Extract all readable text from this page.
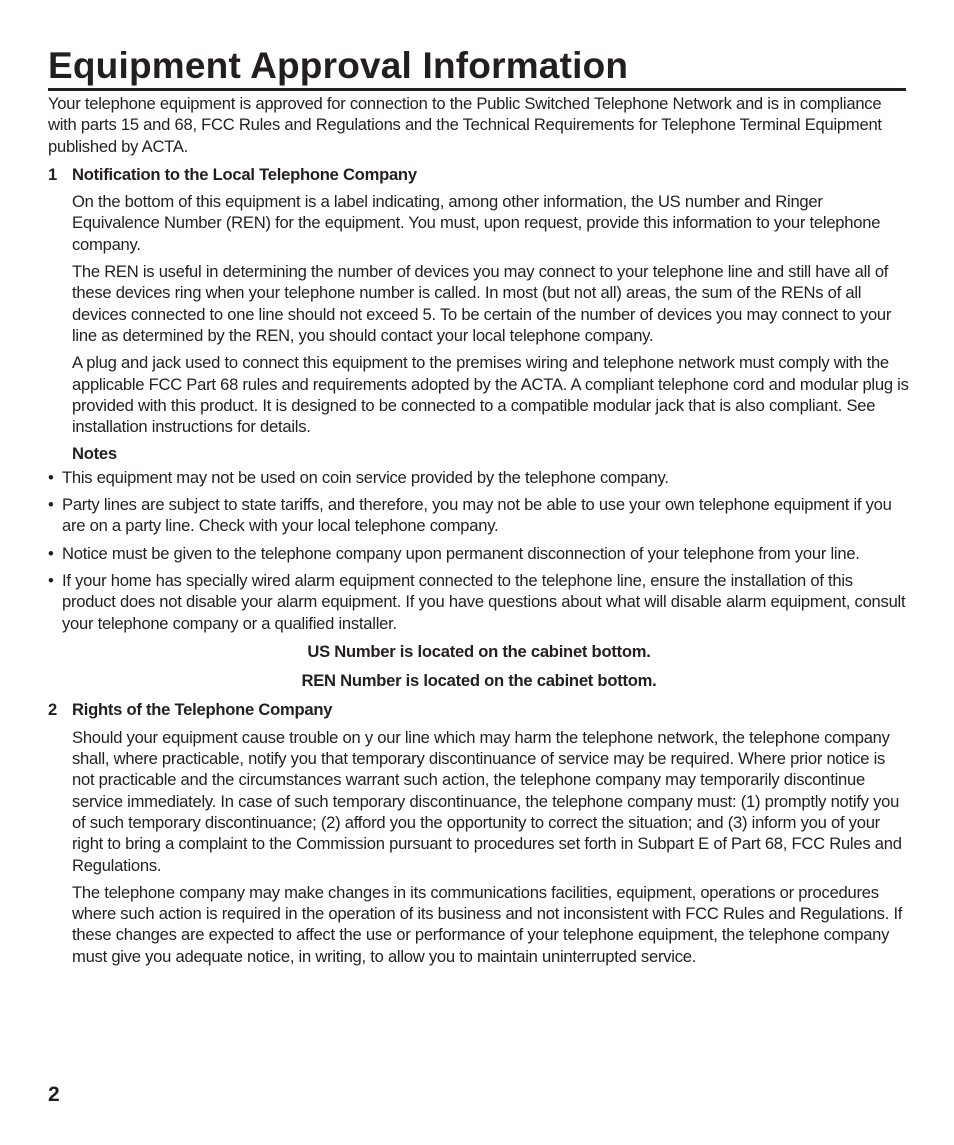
Equipment Approval Information

Your telephone equipment is approved for connection to the Public Switched Telephone Network and is in compliance with parts 15 and 68, FCC Rules and Regulations and the Technical Requirements for Telephone Terminal Equipment published by ACTA.

1 Notification to the Local Telephone Company

On the bottom of this equipment is a label indicating, among other information, the US number and Ringer Equivalence Number (REN) for the equipment. You must, upon request, provide this information to your telephone company.

The REN is useful in determining the number of devices you may connect to your telephone line and still have all of these devices ring when your telephone number is called. In most (but not all) areas, the sum of the RENs of all devices connected to one line should not exceed 5. To be certain of the number of devices you may connect to your line as determined by the REN, you should contact your local telephone company.

A plug and jack used to connect this equipment to the premises wiring and telephone network must comply with the applicable FCC Part 68 rules and requirements adopted by the ACTA. A compliant telephone cord and modular plug is provided with this product. It is designed to be connected to a compatible modular jack that is also compliant. See installation instructions for details.

Notes
• This equipment may not be used on coin service provided by the telephone company.
• Party lines are subject to state tariffs, and therefore, you may not be able to use your own telephone equipment if you are on a party line. Check with your local telephone company.
• Notice must be given to the telephone company upon permanent disconnection of your telephone from your line.
• If your home has specially wired alarm equipment connected to the telephone line, ensure the installation of this product does not disable your alarm equipment. If you have questions about what will disable alarm equipment, consult your telephone company or a qualified installer.

US Number is located on the cabinet bottom.

REN Number is located on the cabinet bottom.

2 Rights of the Telephone Company

Should your equipment cause trouble on y our line which may harm the telephone network, the telephone company shall, where practicable, notify you that temporary discontinuance of service may be required. Where prior notice is not practicable and the circumstances warrant such action, the telephone company may temporarily discontinue service immediately. In case of such temporary discontinuance, the telephone company must: (1) promptly notify you of such temporary discontinuance; (2) afford you the opportunity to correct the situation; and (3) inform you of your right to bring a complaint to the Commission pursuant to procedures set forth in Subpart E of Part 68, FCC Rules and Regulations.

The telephone company may make changes in its communications facilities, equipment, operations or procedures where such action is required in the operation of its business and not inconsistent with FCC Rules and Regulations. If these changes are expected to affect the use or performance of your telephone equipment, the telephone company must give you adequate notice, in writing, to allow you to maintain uninterrupted service.

2
